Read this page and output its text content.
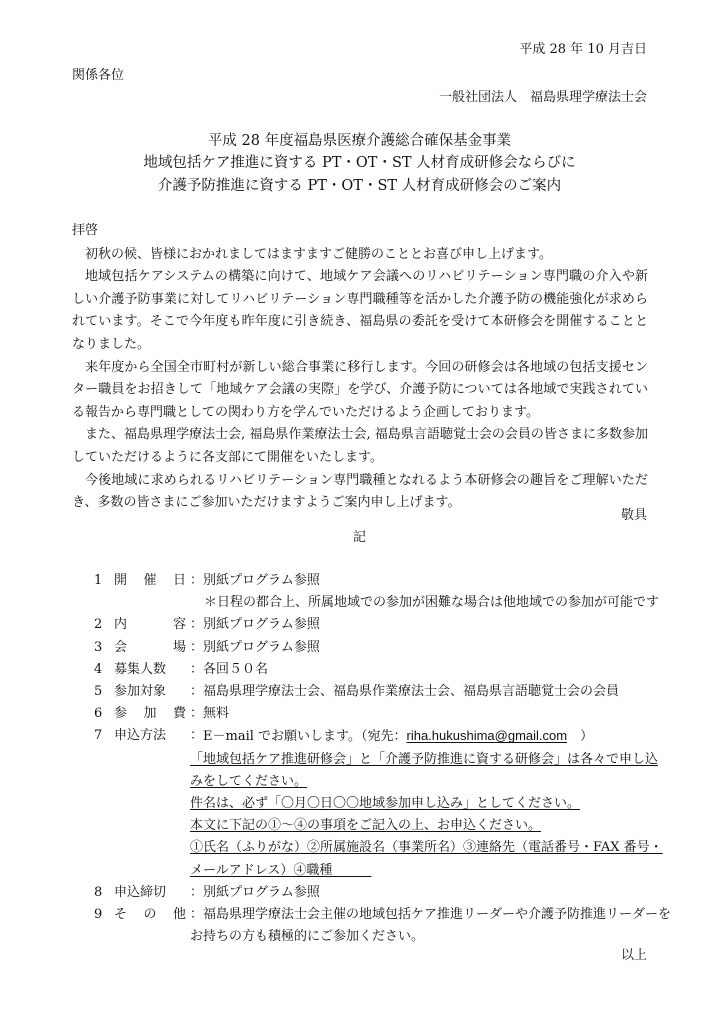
平成 28 年 10 月吉日
関係各位
一般社団法人　福島県理学療法士会
平成 28 年度福島県医療介護総合確保基金事業
地域包括ケア推進に資する PT・OT・ST 人材育成研修会ならびに
介護予防推進に資する PT・OT・ST 人材育成研修会のご案内

拝啓

初秋の候、皆様におかれましてはますますご健勝のこととお喜び申し上げます。

地域包括ケアシステムの構築に向けて、地域ケア会議へのリハビリテーション専門職の介入や新しい介護予防事業に対してリハビリテーション専門職種等を活かした介護予防の機能強化が求められています。そこで今年度も昨年度に引き続き、福島県の委託を受けて本研修会を開催することとなりました。

来年度から全国全市町村が新しい総合事業に移行します。今回の研修会は各地域の包括支援センター職員をお招きして「地域ケア会議の実際」を学び、介護予防については各地域で実践されている報告から専門職としての関わり方を学んでいただけるよう企画しております。

また、福島県理学療法士会, 福島県作業療法士会, 福島県言語聴覚士会の会員の皆さまに多数参加していただけるように各支部にて開催をいたします。

今後地域に求められるリハビリテーション専門職種となれるよう本研修会の趣旨をご理解いただき、多数の皆さまにご参加いただけますようご案内申し上げます。

敬具
記
1 開 催 日 ： 別紙プログラム参照
＊日程の都合上、所属地域での参加が困難な場合は他地域での参加が可能です
2 内	容 ： 別紙プログラム参照
3 会	場 ： 別紙プログラム参照
4 募集人数 ： 各回５０名
5 参加対象 ： 福島県理学療法士会、福島県作業療法士会、福島県言語聴覚士会の会員
6 参 加 費 ： 無料
7 申込方法 ： E－mail でお願いします。（宛先：riha.hukushima@gmail.com　）
「地域包括ケア推進研修会」と「介護予防推進に資する研修会」は各々で申し込
みをしてください。
件名は、必ず「〇月〇日〇〇地域参加申し込み」としてください。
本文に下記の①～④の事項をご記入の上、お申込ください。
①氏名（ふりがな）②所属施設名（事業所名）③連絡先（電話番号・FAX 番号・
メールアドレス）④職種　　　
8 申込締切 ： 別紙プログラム参照
9 そ の 他 ： 福島県理学療法士会主催の地域包括ケア推進リーダーや介護予防推進リーダーを
お持ちの方も積極的にご参加ください。
以上
